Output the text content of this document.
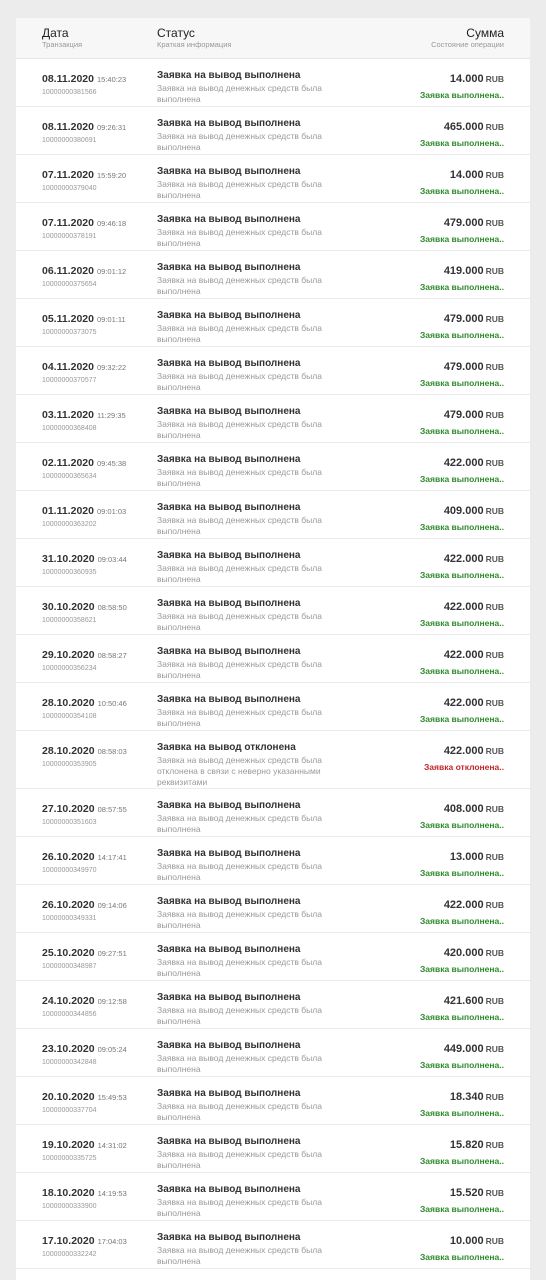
Дата
Транзакция
Статус
Краткая информация
Сумма
Состояние операции
08.11.2020 15:40:23
10000000381566
Заявка на вывод выполнена
Заявка на вывод денежных средств была выполнена
14.000 RUB
Заявка выполнена..
08.11.2020 09:26:31
10000000380691
Заявка на вывод выполнена
Заявка на вывод денежных средств была выполнена
465.000 RUB
Заявка выполнена..
07.11.2020 15:59:20
10000000379040
Заявка на вывод выполнена
Заявка на вывод денежных средств была выполнена
14.000 RUB
Заявка выполнена..
07.11.2020 09:46:18
10000000378191
Заявка на вывод выполнена
Заявка на вывод денежных средств была выполнена
479.000 RUB
Заявка выполнена..
06.11.2020 09:01:12
10000000375654
Заявка на вывод выполнена
Заявка на вывод денежных средств была выполнена
419.000 RUB
Заявка выполнена..
05.11.2020 09:01:11
10000000373075
Заявка на вывод выполнена
Заявка на вывод денежных средств была выполнена
479.000 RUB
Заявка выполнена..
04.11.2020 09:32:22
10000000370577
Заявка на вывод выполнена
Заявка на вывод денежных средств была выполнена
479.000 RUB
Заявка выполнена..
03.11.2020 11:29:35
10000000368408
Заявка на вывод выполнена
Заявка на вывод денежных средств была выполнена
479.000 RUB
Заявка выполнена..
02.11.2020 09:45:38
10000000365634
Заявка на вывод выполнена
Заявка на вывод денежных средств была выполнена
422.000 RUB
Заявка выполнена..
01.11.2020 09:01:03
10000000363202
Заявка на вывод выполнена
Заявка на вывод денежных средств была выполнена
409.000 RUB
Заявка выполнена..
31.10.2020 09:03:44
10000000360935
Заявка на вывод выполнена
Заявка на вывод денежных средств была выполнена
422.000 RUB
Заявка выполнена..
30.10.2020 08:58:50
10000000358621
Заявка на вывод выполнена
Заявка на вывод денежных средств была выполнена
422.000 RUB
Заявка выполнена..
29.10.2020 08:58:27
10000000356234
Заявка на вывод выполнена
Заявка на вывод денежных средств была выполнена
422.000 RUB
Заявка выполнена..
28.10.2020 10:50:46
10000000354108
Заявка на вывод выполнена
Заявка на вывод денежных средств была выполнена
422.000 RUB
Заявка выполнена..
28.10.2020 08:58:03
10000000353905
Заявка на вывод отклонена
Заявка на вывод денежных средств была отклонена в связи с неверно указанными реквизитами
422.000 RUB
Заявка отклонена..
27.10.2020 08:57:55
10000000351603
Заявка на вывод выполнена
Заявка на вывод денежных средств была выполнена
408.000 RUB
Заявка выполнена..
26.10.2020 14:17:41
10000000349970
Заявка на вывод выполнена
Заявка на вывод денежных средств была выполнена
13.000 RUB
Заявка выполнена..
26.10.2020 09:14:06
10000000349331
Заявка на вывод выполнена
Заявка на вывод денежных средств была выполнена
422.000 RUB
Заявка выполнена..
25.10.2020 09:27:51
10000000348987
Заявка на вывод выполнена
Заявка на вывод денежных средств была выполнена
420.000 RUB
Заявка выполнена..
24.10.2020 09:12:58
10000000344856
Заявка на вывод выполнена
Заявка на вывод денежных средств была выполнена
421.600 RUB
Заявка выполнена..
23.10.2020 09:05:24
10000000342848
Заявка на вывод выполнена
Заявка на вывод денежных средств была выполнена
449.000 RUB
Заявка выполнена..
20.10.2020 15:49:53
10000000337704
Заявка на вывод выполнена
Заявка на вывод денежных средств была выполнена
18.340 RUB
Заявка выполнена..
19.10.2020 14:31:02
10000000335725
Заявка на вывод выполнена
Заявка на вывод денежных средств была выполнена
15.820 RUB
Заявка выполнена..
18.10.2020 14:19:53
10000000333900
Заявка на вывод выполнена
Заявка на вывод денежных средств была выполнена
15.520 RUB
Заявка выполнена..
17.10.2020 17:04:03
10000000332242
Заявка на вывод выполнена
Заявка на вывод денежных средств была выполнена
10.000 RUB
Заявка выполнена..
